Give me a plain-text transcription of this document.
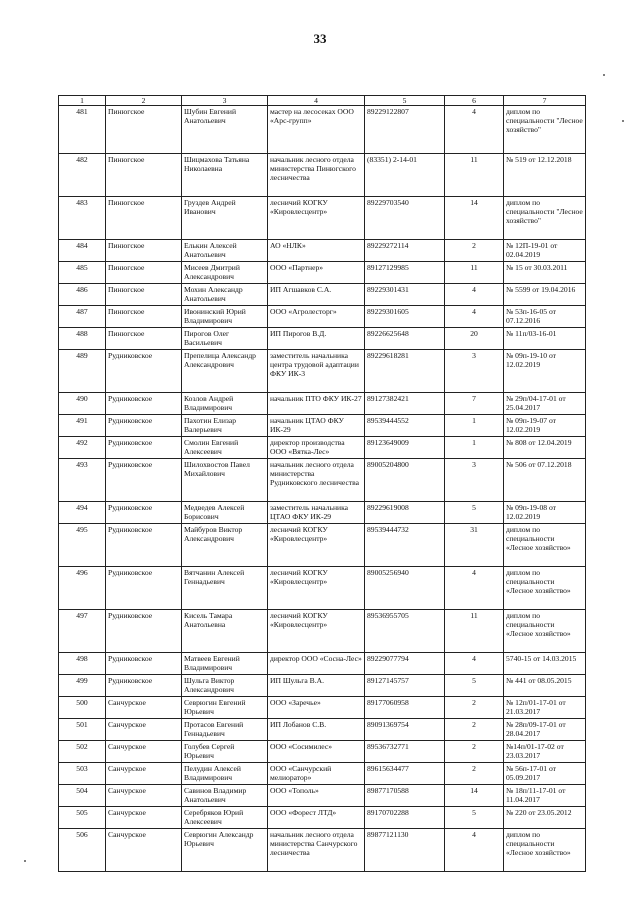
33
1	2	3	4	5	6	7
481	Пинюгское	Шубин Евгений Анатольевич	мастер на лесосеках ООО «Арс-групп»	89229122807	4	диплом по специальности "Лесное хозяйство"
482	Пинюгское	Шицмахова Татьяна Николаевна	начальник лесного отдела министерства Пинюгского лесничества	(83351) 2-14-01	11	№ 519 от 12.12.2018
483	Пинюгское	Груздев Андрей Иванович	лесничий КОГКУ «Кировлесцентр»	89229703540	14	диплом по специальности "Лесное хозяйство"
484	Пинюгское	Елькин Алексей Анатольевич	АО «НЛК»	89229272114	2	№ 12П-19-01 от 02.04.2019
485	Пинюгское	Мисеев Дмитрий Александрович	ООО «Партнер»	89127129985	11	№ 15 от 30.03.2011
486	Пинюгское	Мохин Александр Анатольевич	ИП Агшавков С.А.	89229301431	4	№ 5599 от 19.04.2016
487	Пинюгское	Ивонинский Юрий Владимирович	ООО «Агролесторг»	89229301605	4	№ 53п-16-05 от 07.12.2016
488	Пинюгское	Пирогов Олег Васильевич	ИП Пирогов В.Д.	89226625648	20	№ 11п/03-16-01
489	Рудниковское	Препелица Александр Александрович	заместитель начальника центра трудовой адаптации ФКУ ИК-3	89229618281	3	№ 09п-19-10 от 12.02.2019
490	Рудниковское	Козлов Андрей Владимирович	начальник ПТО ФКУ ИК-27	89127382421	7	№ 29п/04-17-01 от 25.04.2017
491	Рудниковское	Пахотин Елизар Валерьевич	начальник ЦТАО ФКУ ИК-29	89539444552	1	№ 09п-19-07 от 12.02.2019
492	Рудниковское	Смолин Евгений Алексеевич	директор производства ООО «Вятка-Лес»	89123649009	1	№ 808 от 12.04.2019
493	Рудниковское	Шилохвостов Павел Михайлович	начальник лесного отдела министерства Рудниковского лесничества	89005204800	3	№ 506 от 07.12.2018
494	Рудниковское	Медведев Алексей Борисович	заместитель начальника ЦТАО ФКУ ИК-29	89229619008	5	№ 09п-19-08 от 12.02.2019
495	Рудниковское	Майбуров Виктор Александрович	лесничий КОГКУ «Кировлесцентр»	89539444732	31	диплом по специальности «Лесное хозяйство»
496	Рудниковское	Вятчанин Алексей Геннадьевич	лесничий КОГКУ «Кировлесцентр»	89005256940	4	диплом по специальности «Лесное хозяйство»
497	Рудниковское	Кисель Тамара Анатольевна	лесничий КОГКУ «Кировлесцентр»	89536955705	11	диплом по специальности «Лесное хозяйство»
498	Рудниковское	Матвеев Евгений Владимирович	директор ООО «Сосна-Лес»	89229077794	4	5740-15 от 14.03.2015
499	Рудниковское	Шульга Виктор Александрович	ИП Шульга В.А.	89127145757	5	№ 441 от 08.05.2015
500	Санчурское	Севрюгин Евгений Юрьевич	ООО «Заречье»	89177060958	2	№ 12п/01-17-01 от 21.03.2017
501	Санчурское	Протасов Евгений Геннадьевич	ИП Лобанов С.В.	89091369754	2	№ 28п/09-17-01 от 28.04.2017
502	Санчурское	Голубев Сергей Юрьевич	ООО «Сосимилес»	89536732771	2	№14п/01-17-02 от 23.03.2017
503	Санчурское	Пелудин Алексей Владимирович	ООО «Санчурский мелиоратор»	89615634477	2	№ 56п-17-01 от 05.09.2017
504	Санчурское	Савинов Владимир Анатольевич	ООО «Тополь»	89877170588	14	№ 18п/11-17-01 от 11.04.2017
505	Санчурское	Серебряков Юрий Алексеевич	ООО «Форест ЛТД»	89170702288	5	№ 220 от 23.05.2012
506	Санчурское	Севрюгин Александр Юрьевич	начальник лесного отдела министерства Санчурского лесничества	89877121130	4	диплом по специальности «Лесное хозяйство»
